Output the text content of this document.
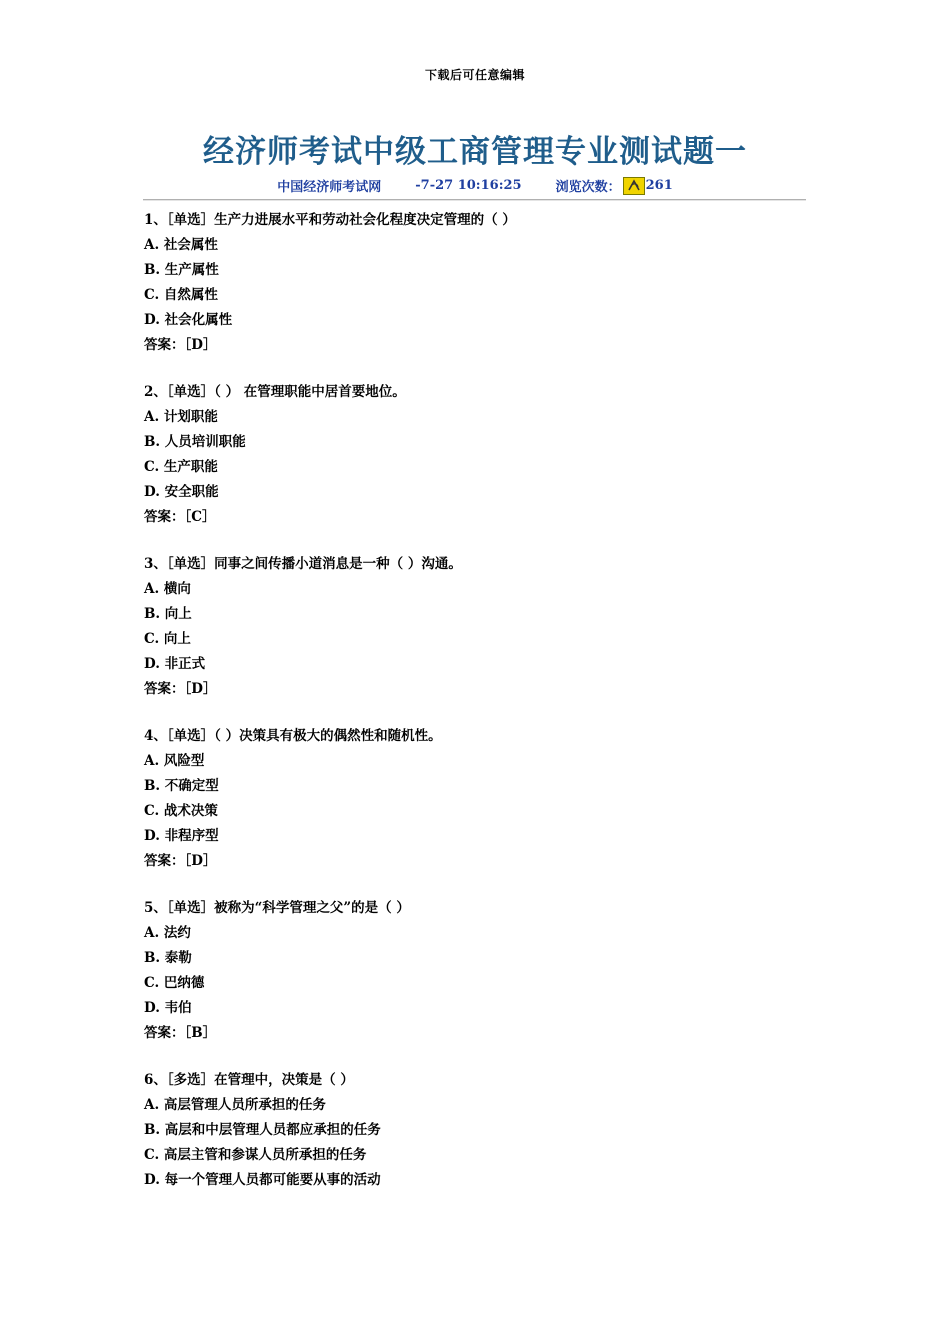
下载后可任意编辑
经济师考试中级工商管理专业测试题一
中国经济师考试网	-7-27 10:16:25	浏览次数： 261
1、［单选］生产力进展水平和劳动社会化程度决定管理的（ ）
A. 社会属性
B. 生产属性
C. 自然属性
D. 社会化属性
答案：［D］
2、［单选］（ ） 在管理职能中居首要地位。
A. 计划职能
B. 人员培训职能
C. 生产职能
D. 安全职能
答案：［C］
3、［单选］同事之间传播小道消息是一种（ ）沟通。
A. 横向
B. 向上
C. 向上
D. 非正式
答案：［D］
4、［单选］（ ）决策具有极大的偶然性和随机性。
A. 风险型
B. 不确定型
C. 战术决策
D. 非程序型
答案：［D］
5、［单选］被称为“科学管理之父”的是（ ）
A. 法约
B. 泰勒
C. 巴纳德
D. 韦伯
答案：［B］
6、［多选］在管理中，决策是（ ）
A. 高层管理人员所承担的任务
B. 高层和中层管理人员都应承担的任务
C. 高层主管和参谋人员所承担的任务
D. 每一个管理人员都可能要从事的活动
